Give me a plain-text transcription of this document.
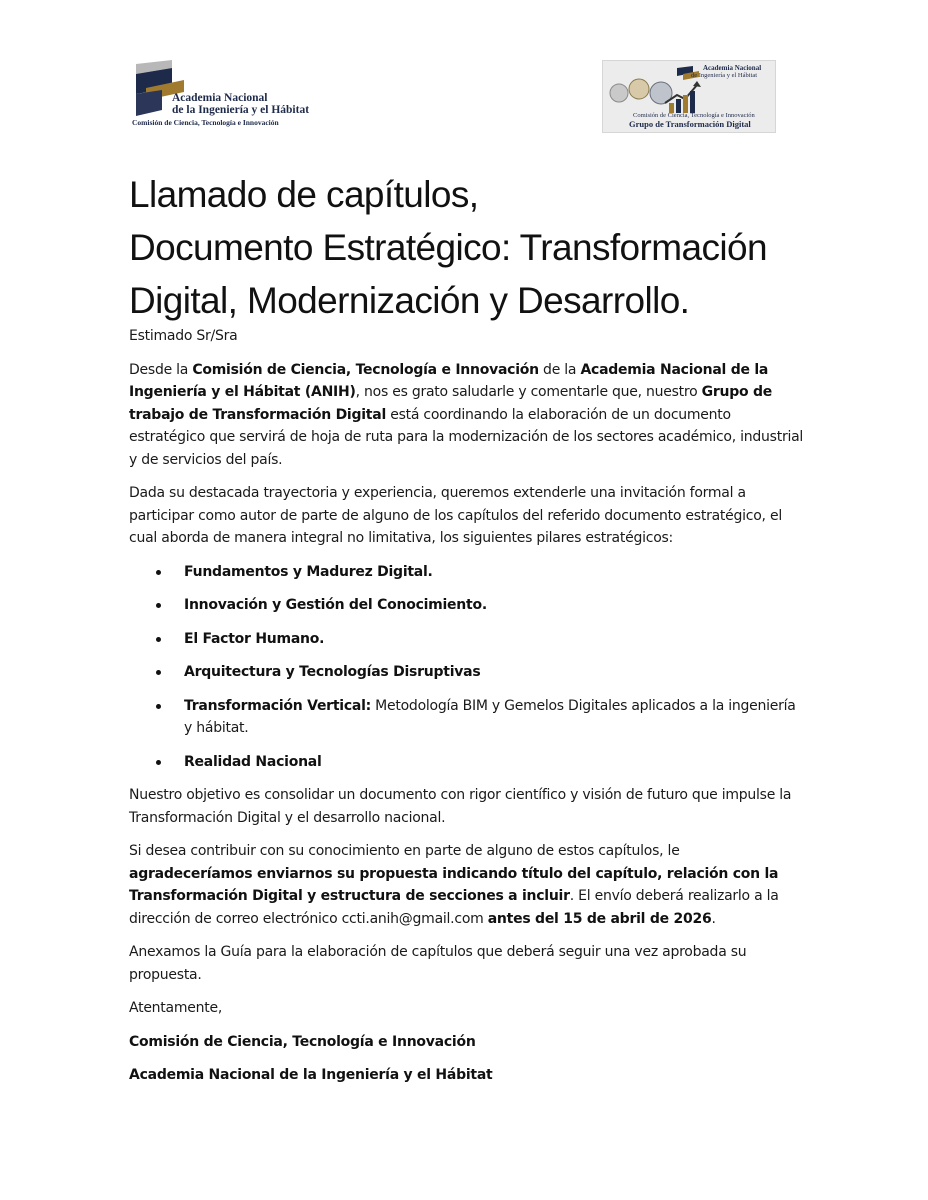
Academia Nacional
de la Ingeniería y el Hábitat
Comisión de Ciencia, Tecnología e Innovación
Academia Nacional
de Ingeniería y el Hábitat
Comisión de Ciencia, Tecnología e Innovación
Grupo de Transformación Digital
Llamado de capítulos,
Documento Estratégico: Transformación
Digital, Modernización y Desarrollo.

Estimado Sr/Sra

Desde la Comisión de Ciencia, Tecnología e Innovación de la Academia Nacional de la Ingeniería y el Hábitat (ANIH), nos es grato saludarle y comentarle que, nuestro Grupo de trabajo de Transformación Digital está coordinando la elaboración de un documento estratégico que servirá de hoja de ruta para la modernización de los sectores académico, industrial y de servicios del país.

Dada su destacada trayectoria y experiencia, queremos extenderle una invitación formal a participar como autor de parte de alguno de los capítulos del referido documento estratégico, el cual aborda de manera integral no limitativa, los siguientes pilares estratégicos:

Fundamentos y Madurez Digital.
Innovación y Gestión del Conocimiento.
El Factor Humano.
Arquitectura y Tecnologías Disruptivas
Transformación Vertical: Metodología BIM y Gemelos Digitales aplicados a la ingeniería y hábitat.
Realidad Nacional

Nuestro objetivo es consolidar un documento con rigor científico y visión de futuro que impulse la Transformación Digital y el desarrollo nacional.

Si desea contribuir con su conocimiento en parte de alguno de estos capítulos, le agradeceríamos enviarnos su propuesta indicando título del capítulo, relación con la Transformación Digital y estructura de secciones a incluir. El envío deberá realizarlo a la dirección de correo electrónico ccti.anih@gmail.com antes del 15 de abril de 2026.

Anexamos la Guía para la elaboración de capítulos que deberá seguir una vez aprobada su propuesta.

Atentamente,

Comisión de Ciencia, Tecnología e Innovación

Academia Nacional de la Ingeniería y el Hábitat
